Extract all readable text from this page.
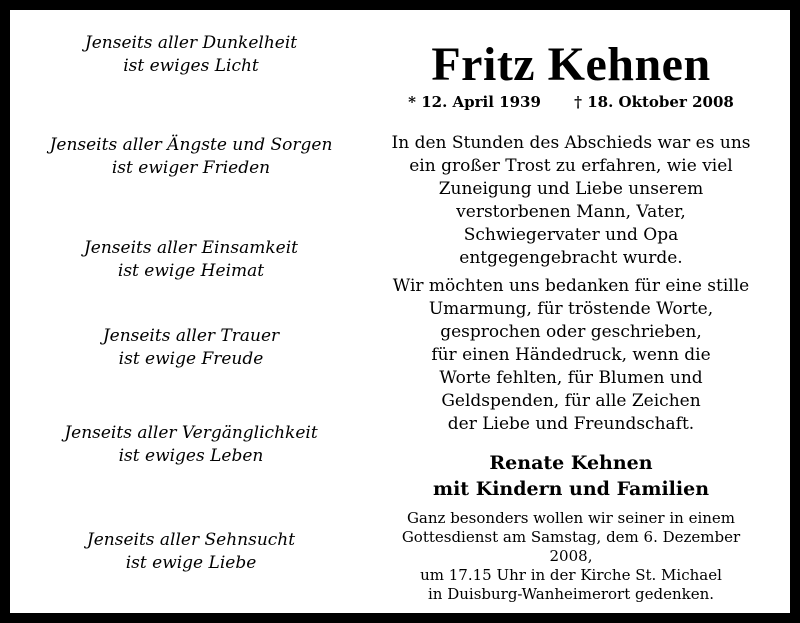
Jenseits aller Dunkelheit
ist ewiges Licht
Jenseits aller Ängste und Sorgen
ist ewiger Frieden
Jenseits aller Einsamkeit
ist ewige Heimat
Jenseits aller Trauer
ist ewige Freude
Jenseits aller Vergänglichkeit
ist ewiges Leben
Jenseits aller Sehnsucht
ist ewige Liebe
Fritz Kehnen
* 12. April 1939 † 18. Oktober 2008
In den Stunden des Abschieds war es uns
ein großer Trost zu erfahren, wie viel
Zuneigung und Liebe unserem
verstorbenen Mann, Vater,
Schwiegervater und Opa
entgegengebracht wurde.
Wir möchten uns bedanken für eine stille
Umarmung, für tröstende Worte,
gesprochen oder geschrieben,
für einen Händedruck, wenn die
Worte fehlten, für Blumen und
Geldspenden, für alle Zeichen
der Liebe und Freundschaft.
Renate Kehnen
mit Kindern und Familien
Ganz besonders wollen wir seiner in einem
Gottesdienst am Samstag, dem 6. Dezember 2008,
um 17.15 Uhr in der Kirche St. Michael
in Duisburg-Wanheimerort gedenken.
